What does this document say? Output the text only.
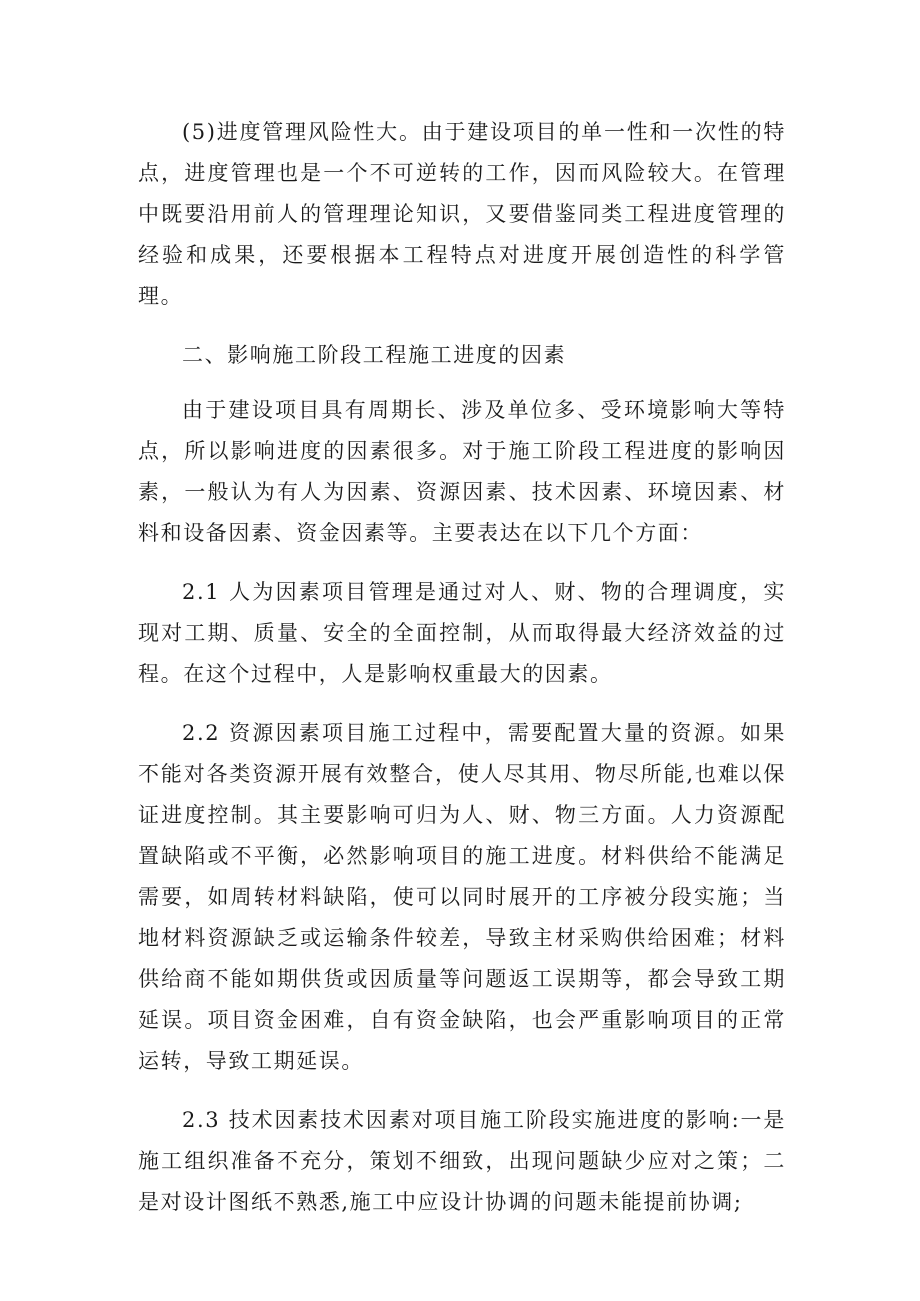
(5)进度管理风险性大。由于建设项目的单一性和一次性的特点，进度管理也是一个不可逆转的工作，因而风险较大。在管理中既要沿用前人的管理理论知识，又要借鉴同类工程进度管理的经验和成果，还要根据本工程特点对进度开展创造性的科学管理。

二、影响施工阶段工程施工进度的因素

由于建设项目具有周期长、涉及单位多、受环境影响大等特点，所以影响进度的因素很多。对于施工阶段工程进度的影响因素，一般认为有人为因素、资源因素、技术因素、环境因素、材料和设备因素、资金因素等。主要表达在以下几个方面：

2.1 人为因素项目管理是通过对人、财、物的合理调度，实现对工期、质量、安全的全面控制，从而取得最大经济效益的过程。在这个过程中，人是影响权重最大的因素。

2.2 资源因素项目施工过程中，需要配置大量的资源。如果不能对各类资源开展有效整合，使人尽其用、物尽所能,也难以保证进度控制。其主要影响可归为人、财、物三方面。人力资源配置缺陷或不平衡，必然影响项目的施工进度。材料供给不能满足需要，如周转材料缺陷，使可以同时展开的工序被分段实施；当地材料资源缺乏或运输条件较差，导致主材采购供给困难；材料供给商不能如期供货或因质量等问题返工误期等，都会导致工期延误。项目资金困难，自有资金缺陷，也会严重影响项目的正常运转，导致工期延误。

2.3 技术因素技术因素对项目施工阶段实施进度的影响:一是施工组织准备不充分，策划不细致，出现问题缺少应对之策；二是对设计图纸不熟悉,施工中应设计协调的问题未能提前协调;
